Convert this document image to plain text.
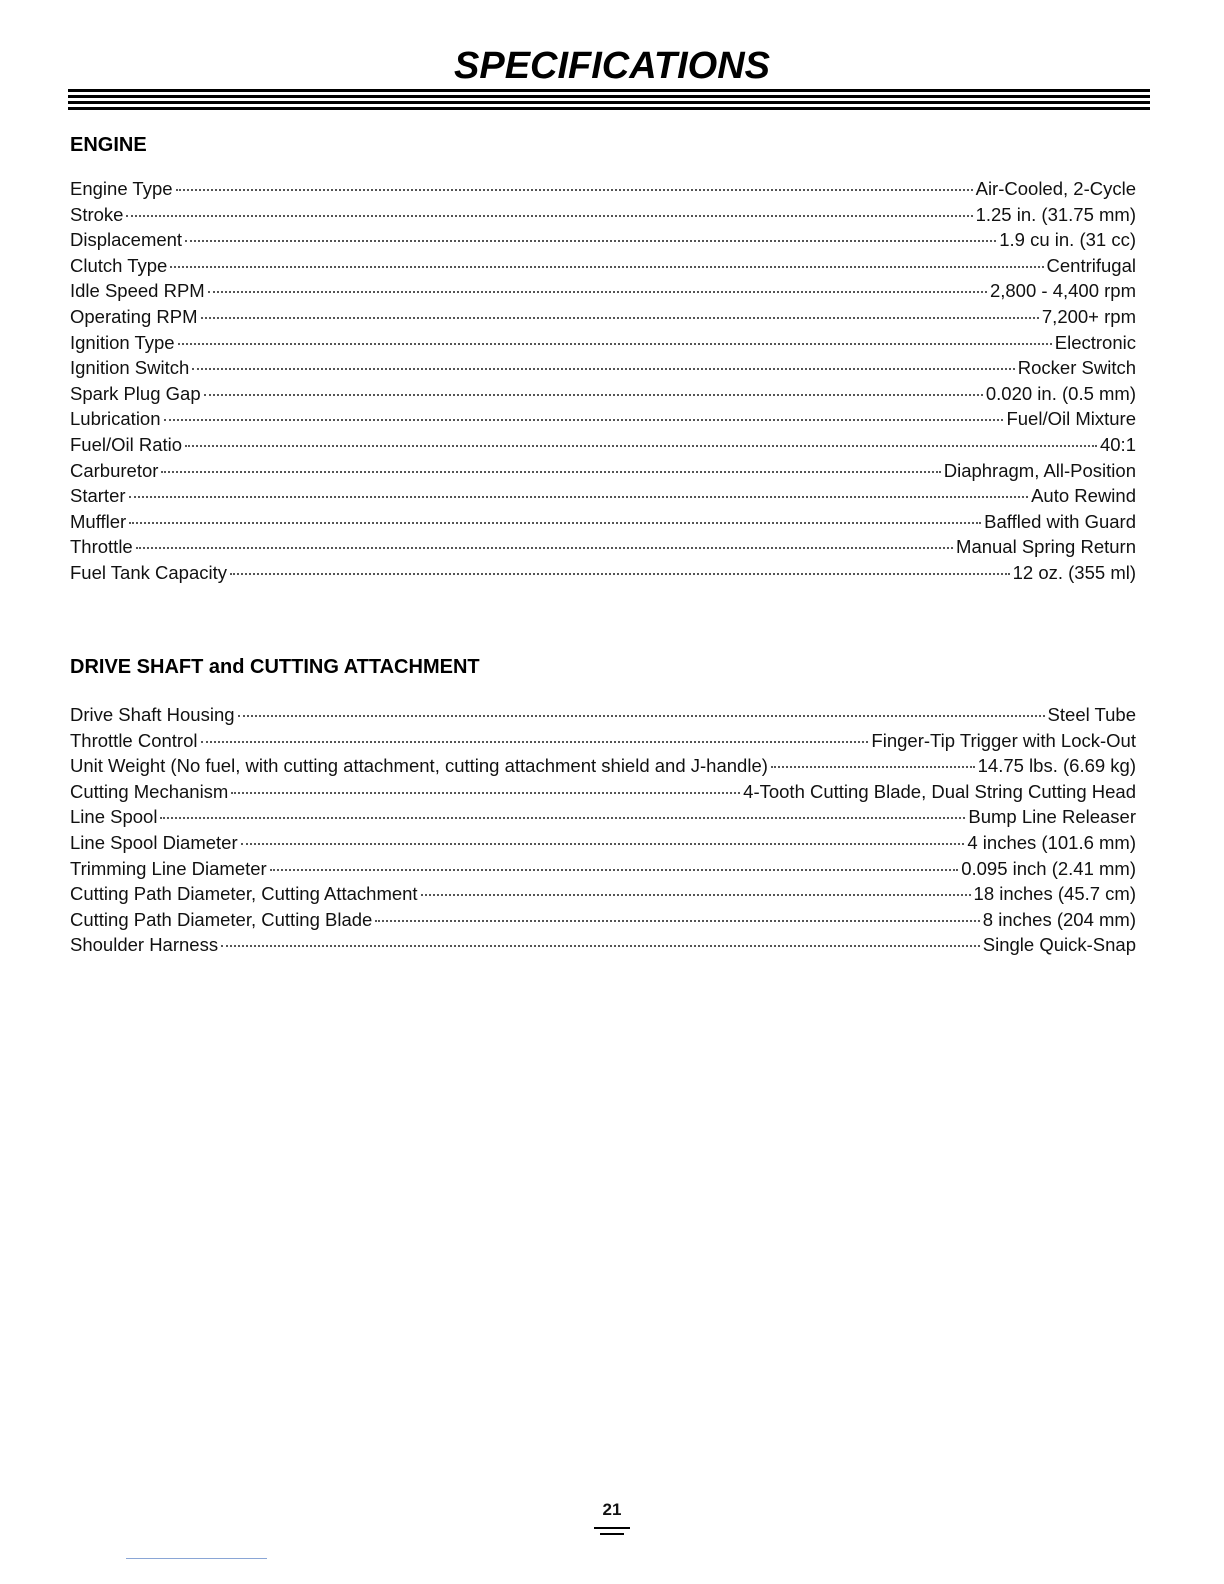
SPECIFICATIONS
ENGINE
Engine Type	Air-Cooled, 2-Cycle
Stroke	1.25 in. (31.75 mm)
Displacement	1.9 cu in. (31 cc)
Clutch Type	Centrifugal
Idle Speed RPM	2,800 - 4,400 rpm
Operating RPM	7,200+ rpm
Ignition Type	Electronic
Ignition Switch	Rocker Switch
Spark Plug Gap	0.020 in. (0.5 mm)
Lubrication	Fuel/Oil Mixture
Fuel/Oil Ratio	40:1
Carburetor	Diaphragm, All-Position
Starter	Auto Rewind
Muffler	Baffled with Guard
Throttle	Manual Spring Return
Fuel Tank Capacity	12 oz. (355 ml)
DRIVE SHAFT and CUTTING ATTACHMENT
Drive Shaft Housing	Steel Tube
Throttle Control	Finger-Tip Trigger with Lock-Out
Unit Weight (No fuel, with cutting attachment, cutting attachment shield and J-handle)	14.75 lbs. (6.69 kg)
Cutting Mechanism	4-Tooth Cutting Blade, Dual String Cutting Head
Line Spool	Bump Line Releaser
Line Spool Diameter	4 inches (101.6 mm)
Trimming Line Diameter	0.095 inch (2.41 mm)
Cutting Path Diameter, Cutting Attachment	18 inches (45.7 cm)
Cutting Path Diameter, Cutting Blade	8 inches (204 mm)
Shoulder Harness	Single Quick-Snap

21
